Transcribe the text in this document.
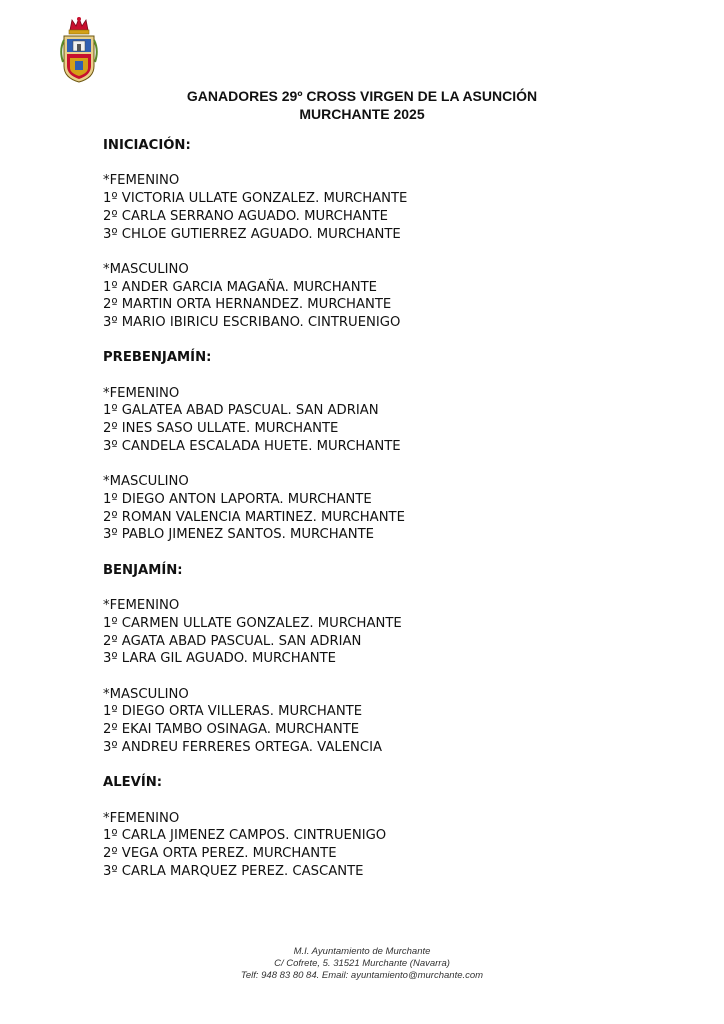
GANADORES 29º CROSS VIRGEN DE LA ASUNCIÓN
MURCHANTE 2025
INICIACIÓN:
*FEMENINO
1º VICTORIA ULLATE GONZALEZ. MURCHANTE
2º CARLA SERRANO AGUADO. MURCHANTE
3º CHLOE GUTIERREZ AGUADO. MURCHANTE
*MASCULINO
1º ANDER GARCIA MAGAÑA. MURCHANTE
2º MARTIN ORTA HERNANDEZ. MURCHANTE
3º MARIO IBIRICU ESCRIBANO. CINTRUENIGO
PREBENJAMÍN:
*FEMENINO
1º GALATEA ABAD PASCUAL. SAN ADRIAN
2º INES SASO ULLATE. MURCHANTE
3º CANDELA ESCALADA HUETE. MURCHANTE
*MASCULINO
1º DIEGO ANTON LAPORTA. MURCHANTE
2º ROMAN VALENCIA MARTINEZ. MURCHANTE
3º PABLO JIMENEZ SANTOS. MURCHANTE
BENJAMÍN:
*FEMENINO
1º CARMEN ULLATE GONZALEZ. MURCHANTE
2º AGATA ABAD PASCUAL. SAN ADRIAN
3º LARA GIL AGUADO. MURCHANTE
*MASCULINO
1º DIEGO ORTA VILLERAS. MURCHANTE
2º EKAI TAMBO OSINAGA. MURCHANTE
3º ANDREU FERRERES ORTEGA. VALENCIA
ALEVÍN:
*FEMENINO
1º CARLA JIMENEZ CAMPOS. CINTRUENIGO
2º VEGA ORTA PEREZ. MURCHANTE
3º CARLA MARQUEZ PEREZ. CASCANTE
M.I. Ayuntamiento de Murchante
C/ Cofrete, 5. 31521 Murchante (Navarra)
Telf: 948 83 80 84. Email: ayuntamiento@murchante.com
